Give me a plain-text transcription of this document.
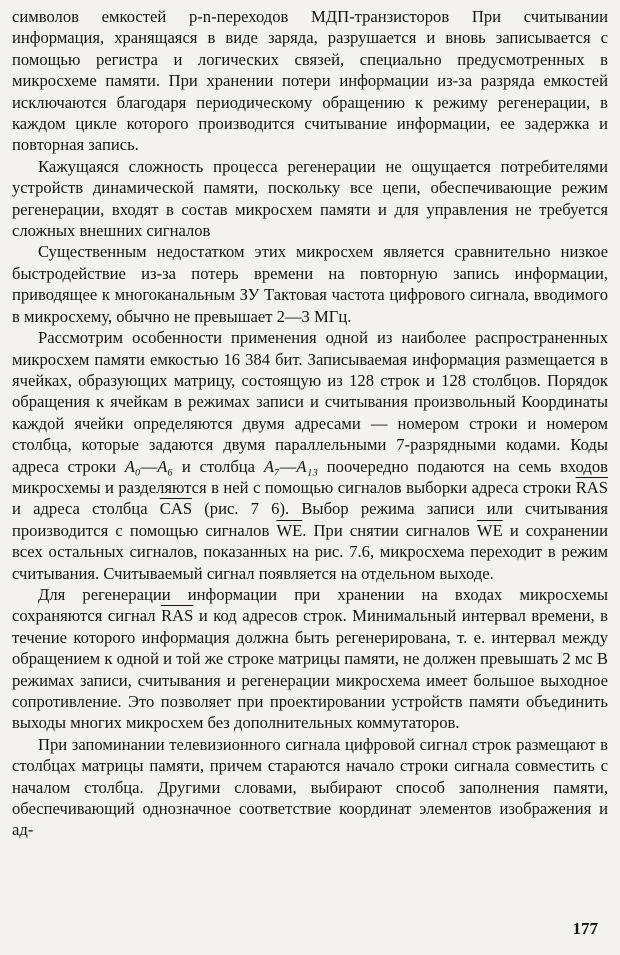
символов емкостей p-n-переходов МДП-транзисторов При считывании информация, хранящаяся в виде заряда, разрушается и вновь записывается с помощью регистра и логических связей, специально предусмотренных в микросхеме памяти. При хранении потери информации из-за разряда емкостей исключаются благодаря периодическому обращению к режиму регенерации, в каждом цикле которого производится считывание информации, ее задержка и повторная запись.

Кажущаяся сложность процесса регенерации не ощущается потребителями устройств динамической памяти, поскольку все цепи, обеспечивающие режим регенерации, входят в состав микросхем памяти и для управления не требуется сложных внешних сигналов

Существенным недостатком этих микросхем является сравнительно низкое быстродействие из-за потерь времени на повторную запись информации, приводящее к многоканальным ЗУ Тактовая частота цифрового сигнала, вводимого в микросхему, обычно не превышает 2—3 МГц.

Рассмотрим особенности применения одной из наиболее распространенных микросхем памяти емкостью 16 384 бит. Записываемая информация размещается в ячейках, образующих матрицу, состоящую из 128 строк и 128 столбцов. Порядок обращения к ячейкам в режимах записи и считывания произвольный Координаты каждой ячейки определяются двумя адресами — номером строки и номером столбца, которые задаются двумя параллельными 7-разрядными кодами. Коды адреса строки A₀—A₆ и столбца A₇—A₁₃ поочередно подаются на семь входов микросхемы и разделяются в ней с помощью сигналов выборки адреса строки $\overline{RAS}$ и адреса столбца $\overline{CAS}$ (рис. 7 6). Выбор режима записи или считывания производится с помощью сигналов $\overline{WE}$. При снятии сигналов $\overline{WE}$ и сохранении всех остальных сигналов, показанных на рис. 7.6, микросхема переходит в режим считывания. Считываемый сигнал появляется на отдельном выходе.

Для регенерации информации при хранении на входах микросхемы сохраняются сигнал $\overline{RAS}$ и код адресов строк. Минимальный интервал времени, в течение которого информация должна быть регенерирована, т. е. интервал между обращением к одной и той же строке матрицы памяти, не должен превышать 2 мс В режимах записи, считывания и регенерации микросхема имеет большое выходное сопротивление. Это позволяет при проектировании устройств памяти объединить выходы многих микросхем без дополнительных коммутаторов.

При запоминании телевизионного сигнала цифровой сигнал строк размещают в столбцах матрицы памяти, причем стараются начало строки сигнала совместить с началом столбца. Другими словами, выбирают способ заполнения памяти, обеспечивающий однозначное соответствие координат элементов изображения и ад-

177
